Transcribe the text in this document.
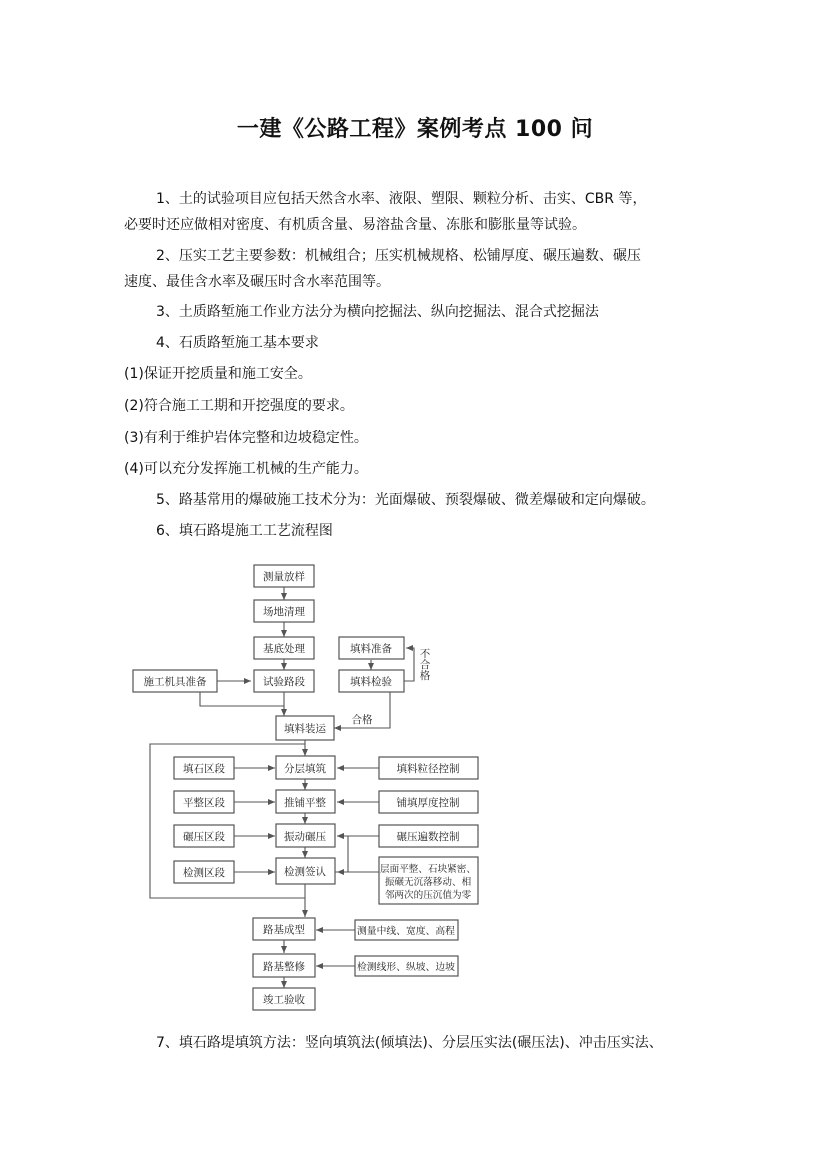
一建《公路工程》案例考点 100 问

1、土的试验项目应包括天然含水率、液限、塑限、颗粒分析、击实、CBR 等，
必要时还应做相对密度、有机质含量、易溶盐含量、冻胀和膨胀量等试验。

2、压实工艺主要参数：机械组合；压实机械规格、松铺厚度、碾压遍数、碾压
速度、最佳含水率及碾压时含水率范围等。

3、土质路堑施工作业方法分为横向挖掘法、纵向挖掘法、混合式挖掘法
4、石质路堑施工基本要求
(1)保证开挖质量和施工安全。
(2)符合施工工期和开挖强度的要求。
(3)有利于维护岩体完整和边坡稳定性。
(4)可以充分发挥施工机械的生产能力。
5、路基常用的爆破施工技术分为：光面爆破、预裂爆破、微差爆破和定向爆破。
6、填石路堤施工工艺流程图
测量放样
场地清理
基底处理
施工机具准备	试验路段
填料准备
填料检验
不
合
格
合格
填料装运
填石区段	分层填筑	填料粒径控制
平整区段	推铺平整	铺填厚度控制
碾压区段	振动碾压	碾压遍数控制
检测区段	检测签认	层面平整、石块紧密、
振碾无沉落移动、相
邻两次的压沉值为零
路基成型	测量中线、宽度、高程
路基整修	检测线形、纵坡、边坡
竣工验收
7、填石路堤填筑方法：竖向填筑法(倾填法)、分层压实法(碾压法)、冲击压实法、
